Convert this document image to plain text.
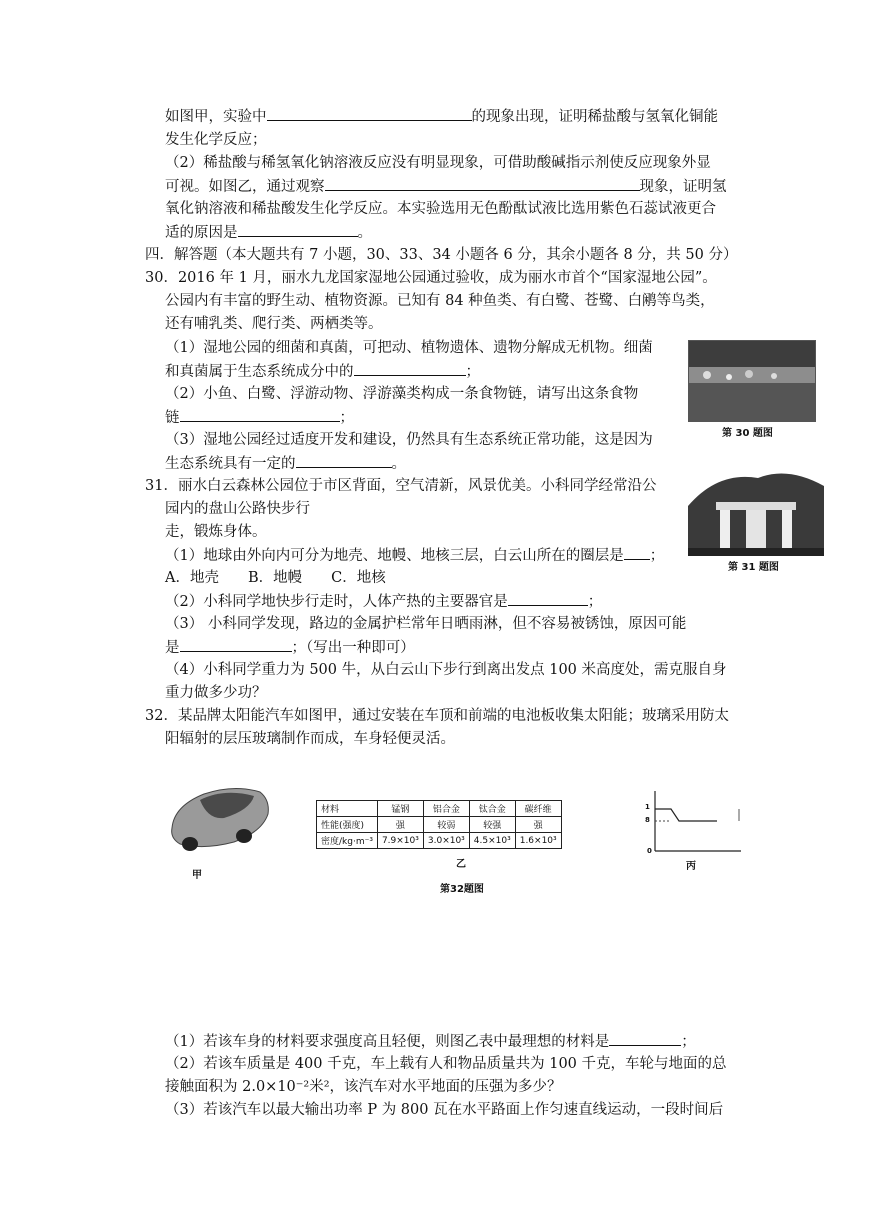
如图甲，实验中	的现象出现，证明稀盐酸与氢氧化铜能
发生化学反应；
（2）稀盐酸与稀氢氧化钠溶液反应没有明显现象，可借助酸碱指示剂使反应现象外显
可视。如图乙，通过观察	现象，证明氢
氧化钠溶液和稀盐酸发生化学反应。本实验选用无色酚酞试液比选用紫色石蕊试液更合
适的原因是	。
四．解答题（本大题共有 7 小题，30、33、34 小题各 6 分，其余小题各 8 分，共 50 分）
30．2016 年 1 月，丽水九龙国家湿地公园通过验收，成为丽水市首个“国家湿地公园”。
公园内有丰富的野生动、植物资源。已知有 84 种鱼类、有白鹭、苍鹭、白鹇等鸟类，
还有哺乳类、爬行类、两栖类等。
（1）湿地公园的细菌和真菌，可把动、植物遗体、遗物分解成无机物。细菌
和真菌属于生态系统成分中的	；
（2）小鱼、白鹭、浮游动物、浮游藻类构成一条食物链，请写出这条食物
链	；
（3）湿地公园经过适度开发和建设，仍然具有生态系统正常功能，这是因为
生态系统具有一定的	。
31．丽水白云森林公园位于市区背面，空气清新，风景优美。小科同学经常沿公
园内的盘山公路快步行
走，锻炼身体。
（1）地球由外向内可分为地壳、地幔、地核三层，白云山所在的圈层是 ；
A．地壳　　B．地幔　　C．地核
（2）小科同学地快步行走时，人体产热的主要器官是	；
（3） 小科同学发现，路边的金属护栏常年日晒雨淋，但不容易被锈蚀，原因可能
是	；（写出一种即可）
（4）小科同学重力为 500 牛，从白云山下步行到离出发点 100 米高度处，需克服自身
重力做多少功？
32．某品牌太阳能汽车如图甲，通过安装在车顶和前端的电池板收集太阳能；玻璃采用防太
阳辐射的层压玻璃制作而成，车身轻便灵活。
（1）若该车身的材料要求强度高且轻便，则图乙表中最理想的材料是	；
（2）若该车质量是 400 千克，车上载有人和物品质量共为 100 千克，车轮与地面的总
接触面积为 2.0×10⁻²米²，该汽车对水平地面的压强为多少？
（3）若该汽车以最大输出功率 P 为 800 瓦在水平路面上作匀速直线运动，一段时间后
第 30 题图
第 31 题图
甲
材料	锰钢	铝合金	钛合金	碳纤维
性能(强度)	强	较弱	较强	强
密度/kg·m⁻³	7.9×10³	3.0×10³	4.5×10³	1.6×10³
乙
第32题图
1
8
0
丙
